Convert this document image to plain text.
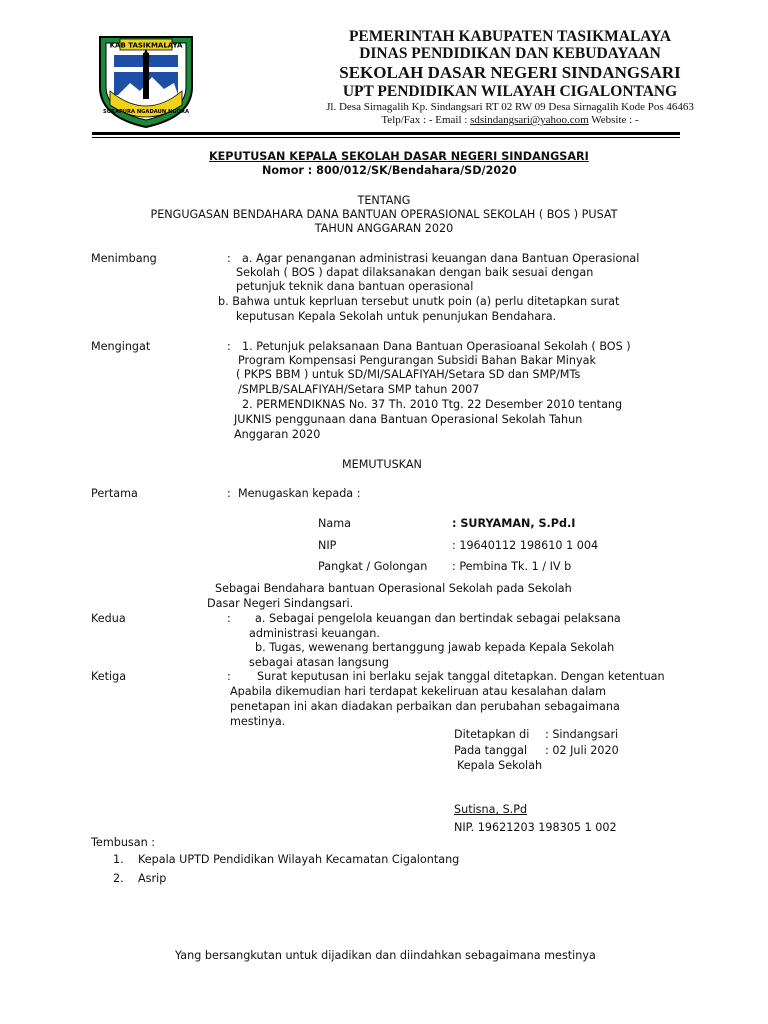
KAB TASIKMALAYA
SUKAPURA NGADAUN NGORA
PEMERINTAH KABUPATEN TASIKMALAYA
DINAS PENDIDIKAN DAN KEBUDAYAAN
SEKOLAH DASAR NEGERI SINDANGSARI
UPT PENDIDIKAN WILAYAH CIGALONTANG
Jl. Desa Sirnagalih Kp. Sindangsari RT 02 RW 09 Desa Sirnagalih Kode Pos 46463
Telp/Fax : - Email : sdsindangsari@yahoo.com Website : -
KEPUTUSAN KEPALA SEKOLAH DASAR NEGERI SINDANGSARI
Nomor : 800/012/SK/Bendahara/SD/2020
TENTANG
PENGUGASAN BENDAHARA DANA BANTUAN OPERASIONAL SEKOLAH ( BOS ) PUSAT
TAHUN ANGGARAN 2020
Menimbang	: a. Agar penanganan administrasi keuangan dana Bantuan Operasional
Sekolah ( BOS ) dapat dilaksanakan dengan baik sesuai dengan
petunjuk teknik dana bantuan operasional
b. Bahwa untuk keprluan tersebut unutk poin (a) perlu ditetapkan surat
keputusan Kepala Sekolah untuk penunjukan Bendahara.
Mengingat	: 1. Petunjuk pelaksanaan Dana Bantuan Operasioanal Sekolah ( BOS )
Program Kompensasi Pengurangan Subsidi Bahan Bakar Minyak
( PKPS BBM ) untuk SD/MI/SALAFIYAH/Setara SD dan SMP/MTs
/SMPLB/SALAFIYAH/Setara SMP tahun 2007
2. PERMENDIKNAS No. 37 Th. 2010 Ttg. 22 Desember 2010 tentang
JUKNIS penggunaan dana Bantuan Operasional Sekolah Tahun
Anggaran 2020
MEMUTUSKAN
Pertama	: Menugaskan kepada :
Nama	: SURYAMAN, S.Pd.I
NIP	: 19640112 198610 1 004
Pangkat / Golongan : Pembina Tk. 1 / IV b
Sebagai Bendahara bantuan Operasional Sekolah pada Sekolah
Dasar Negeri Sindangsari.
Kedua	: a. Sebagai pengelola keuangan dan bertindak sebagai pelaksana
administrasi keuangan.
b. Tugas, wewenang bertanggung jawab kepada Kepala Sekolah
sebagai atasan langsung
Ketiga	: Surat keputusan ini berlaku sejak tanggal ditetapkan. Dengan ketentuan
Apabila dikemudian hari terdapat kekeliruan atau kesalahan dalam
penetapan ini akan diadakan perbaikan dan perubahan sebagaimana
mestinya.
Ditetapkan di : Sindangsari
Pada tanggal : 02 Juli 2020
Kepala Sekolah
Sutisna, S.Pd
NIP. 19621203 198305 1 002
Tembusan :
1. Kepala UPTD Pendidikan Wilayah Kecamatan Cigalontang
2. Asrip
Yang bersangkutan untuk dijadikan dan diindahkan sebagaimana mestinya
